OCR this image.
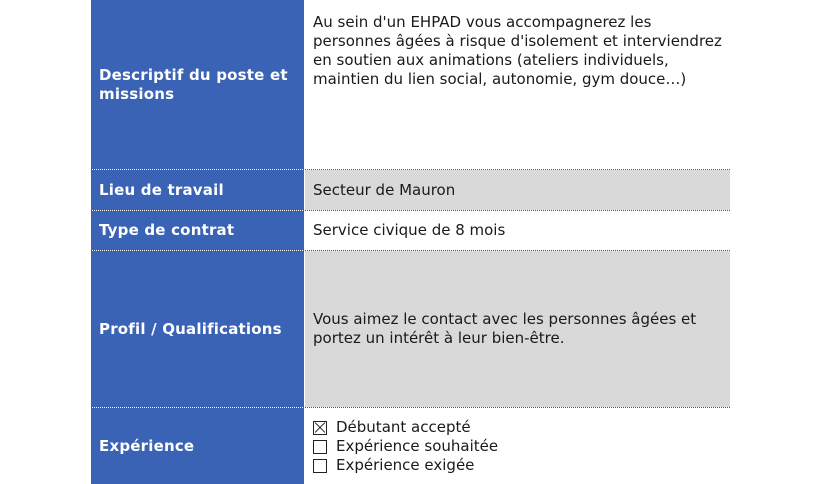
Descriptif du poste et missions
Au sein d'un EHPAD vous accompagnerez les personnes âgées à risque d'isolement et interviendrez en soutien aux animations (ateliers individuels, maintien du lien social, autonomie, gym douce…)
Lieu de travail	Secteur de Mauron
Type de contrat	Service civique de 8 mois
Profil / Qualifications
Vous aimez le contact avec les personnes âgées et portez un intérêt à leur bien-être.
Expérience
Débutant accepté
Expérience souhaitée
Expérience exigée
